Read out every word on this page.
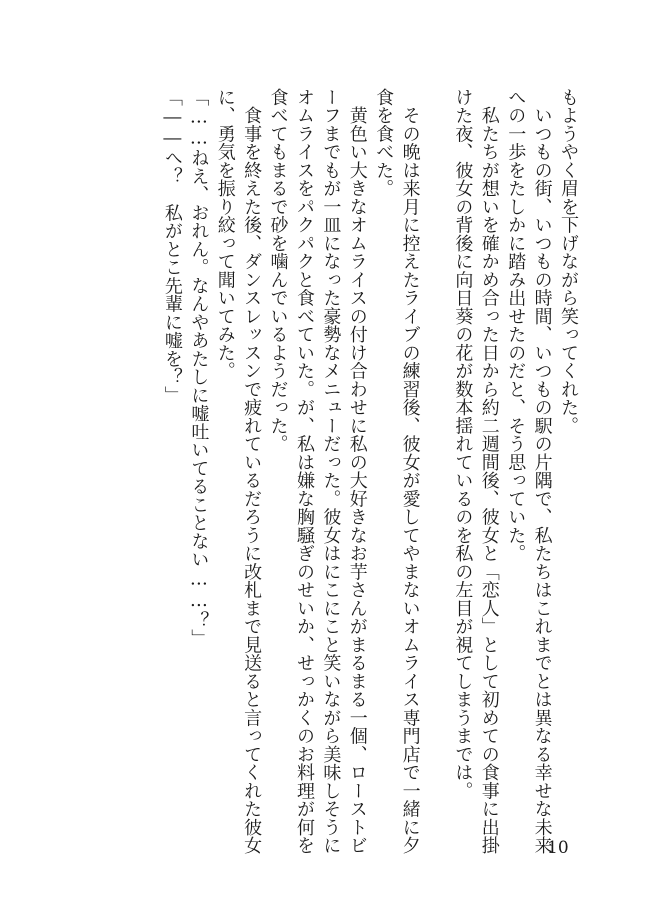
もようやく眉を下げながら笑ってくれた。

　いつもの街、いつもの時間、いつもの駅の片隅で、私たちはこれまでとは異なる幸せな未来

への一歩をたしかに踏み出せたのだと、そう思っていた。

　私たちが想いを確かめ合った日から約二週間後、彼女と「恋人」として初めての食事に出掛

けた夜、彼女の背後に向日葵の花が数本揺れているのを私の左目が視てしまうまでは。

　その晩は来月に控えたライブの練習後、彼女が愛してやまないオムライス専門店で一緒に夕

食を食べた。

　黄色い大きなオムライスの付け合わせに私の大好きなお芋さんがまるまる一個、ローストビ

ーフまでもが一皿になった豪勢なメニューだった。彼女はにこにこと笑いながら美味しそうに

オムライスをパクパクと食べていた。が、私は嫌な胸騒ぎのせいか、せっかくのお料理が何を

食べてもまるで砂を噛んでいるようだった。

　食事を終えた後、ダンスレッスンで疲れているだろうに改札まで見送ると言ってくれた彼女

に、勇気を振り絞って聞いてみた。

「……ねえ、おれん。なんやあたしに嘘吐いてることない……？」

「――へ？　私がとこ先輩に嘘を？」

10
